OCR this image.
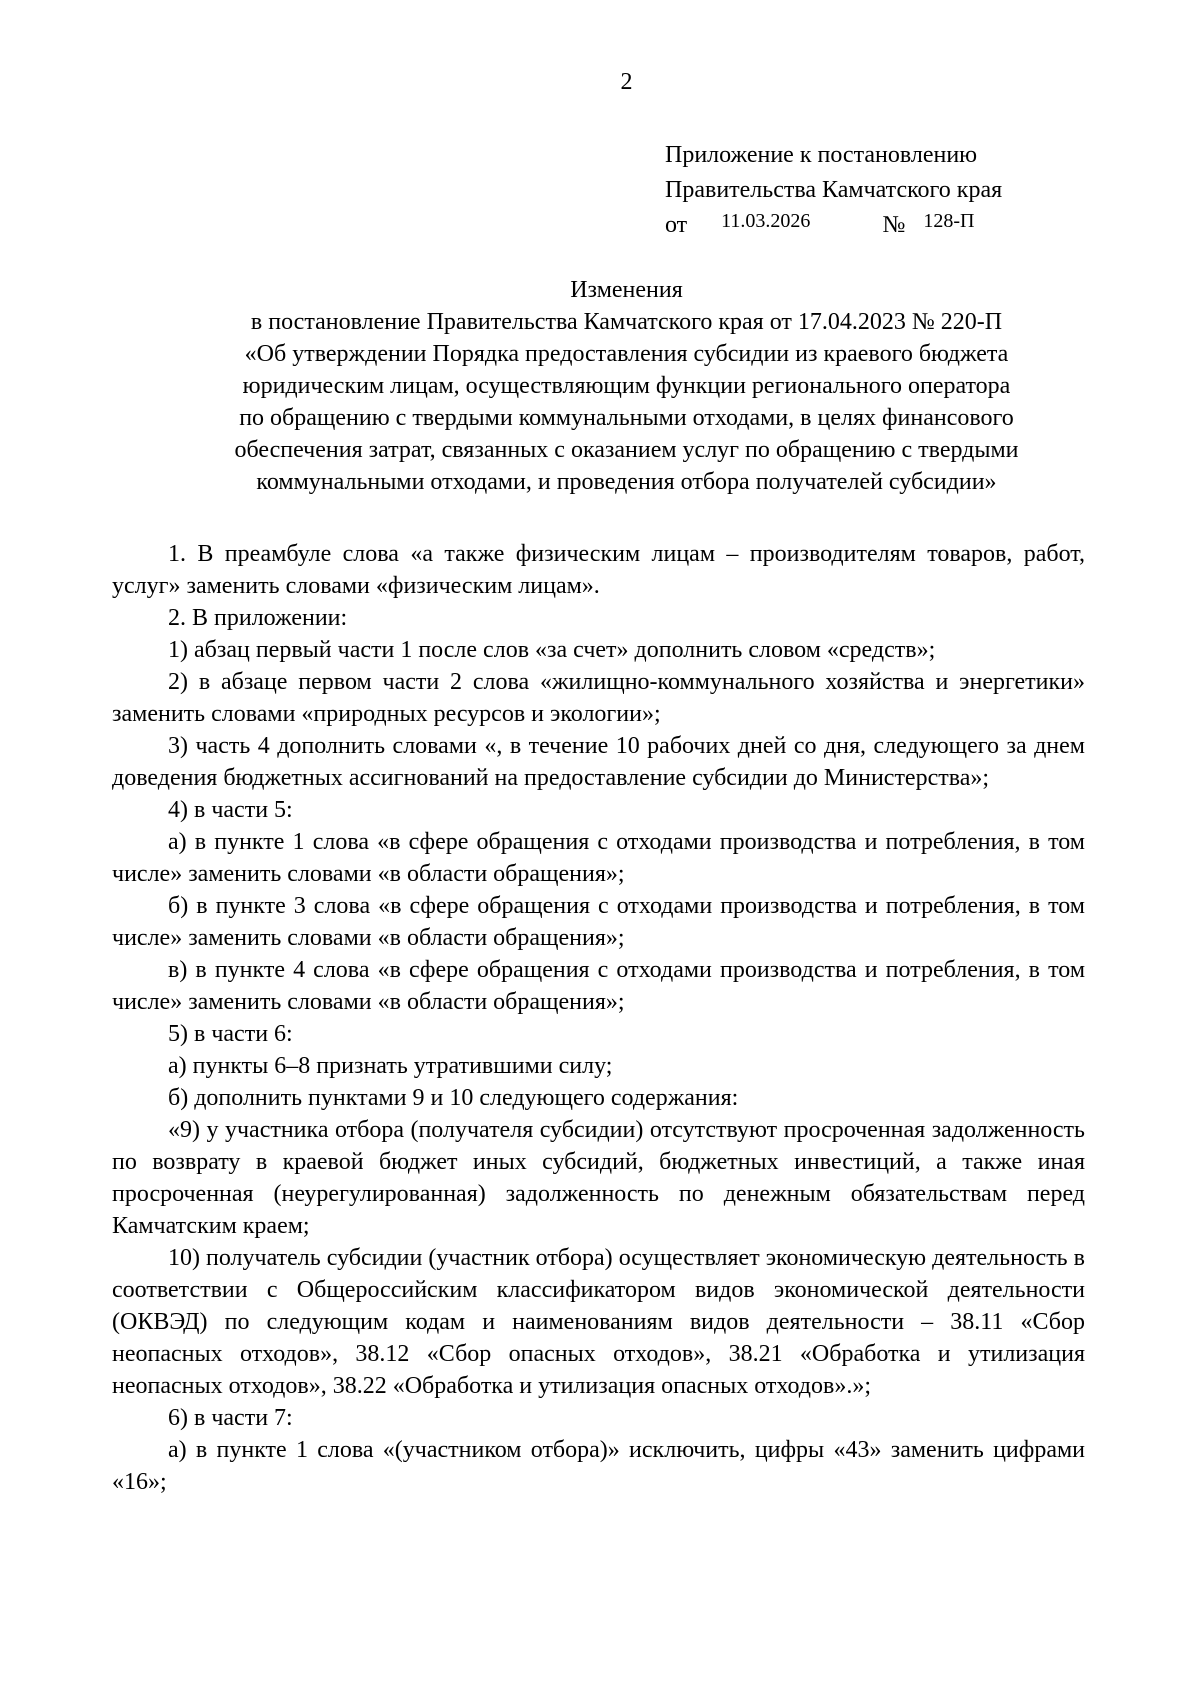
2
Приложение к постановлению
Правительства Камчатского края
от $^{11.03.2026}$	№ $^{128-П}$
Изменения
в постановление Правительства Камчатского края от 17.04.2023 № 220-П
«Об утверждении Порядка предоставления субсидии из краевого бюджета
юридическим лицам, осуществляющим функции регионального оператора
по обращению с твердыми коммунальными отходами, в целях финансового
обеспечения затрат, связанных с оказанием услуг по обращению с твердыми
коммунальными отходами, и проведения отбора получателей субсидии»

1. В преамбуле слова «а также физическим лицам – производителям товаров, работ, услуг» заменить словами «физическим лицам».

2. В приложении:

1) абзац первый части 1 после слов «за счет» дополнить словом «средств»;

2) в абзаце первом части 2 слова «жилищно-коммунального хозяйства и энергетики» заменить словами «природных ресурсов и экологии»;

3) часть 4 дополнить словами «, в течение 10 рабочих дней со дня, следующего за днем доведения бюджетных ассигнований на предоставление субсидии до Министерства»;

4) в части 5:

а) в пункте 1 слова «в сфере обращения с отходами производства и потребления, в том числе» заменить словами «в области обращения»;

б) в пункте 3 слова «в сфере обращения с отходами производства и потребления, в том числе» заменить словами «в области обращения»;

в) в пункте 4 слова «в сфере обращения с отходами производства и потребления, в том числе» заменить словами «в области обращения»;

5) в части 6:

а) пункты 6–8 признать утратившими силу;

б) дополнить пунктами 9 и 10 следующего содержания:

«9) у участника отбора (получателя субсидии) отсутствуют просроченная задолженность по возврату в краевой бюджет иных субсидий, бюджетных инвестиций, а также иная просроченная (неурегулированная) задолженность по денежным обязательствам перед Камчатским краем;

10) получатель субсидии (участник отбора) осуществляет экономическую деятельность в соответствии с Общероссийским классификатором видов экономической деятельности (ОКВЭД) по следующим кодам и наименованиям видов деятельности – 38.11 «Сбор неопасных отходов», 38.12 «Сбор опасных отходов», 38.21 «Обработка и утилизация неопасных отходов», 38.22 «Обработка и утилизация опасных отходов».»;

6) в части 7:

а) в пункте 1 слова «(участником отбора)» исключить, цифры «43» заменить цифрами «16»;
